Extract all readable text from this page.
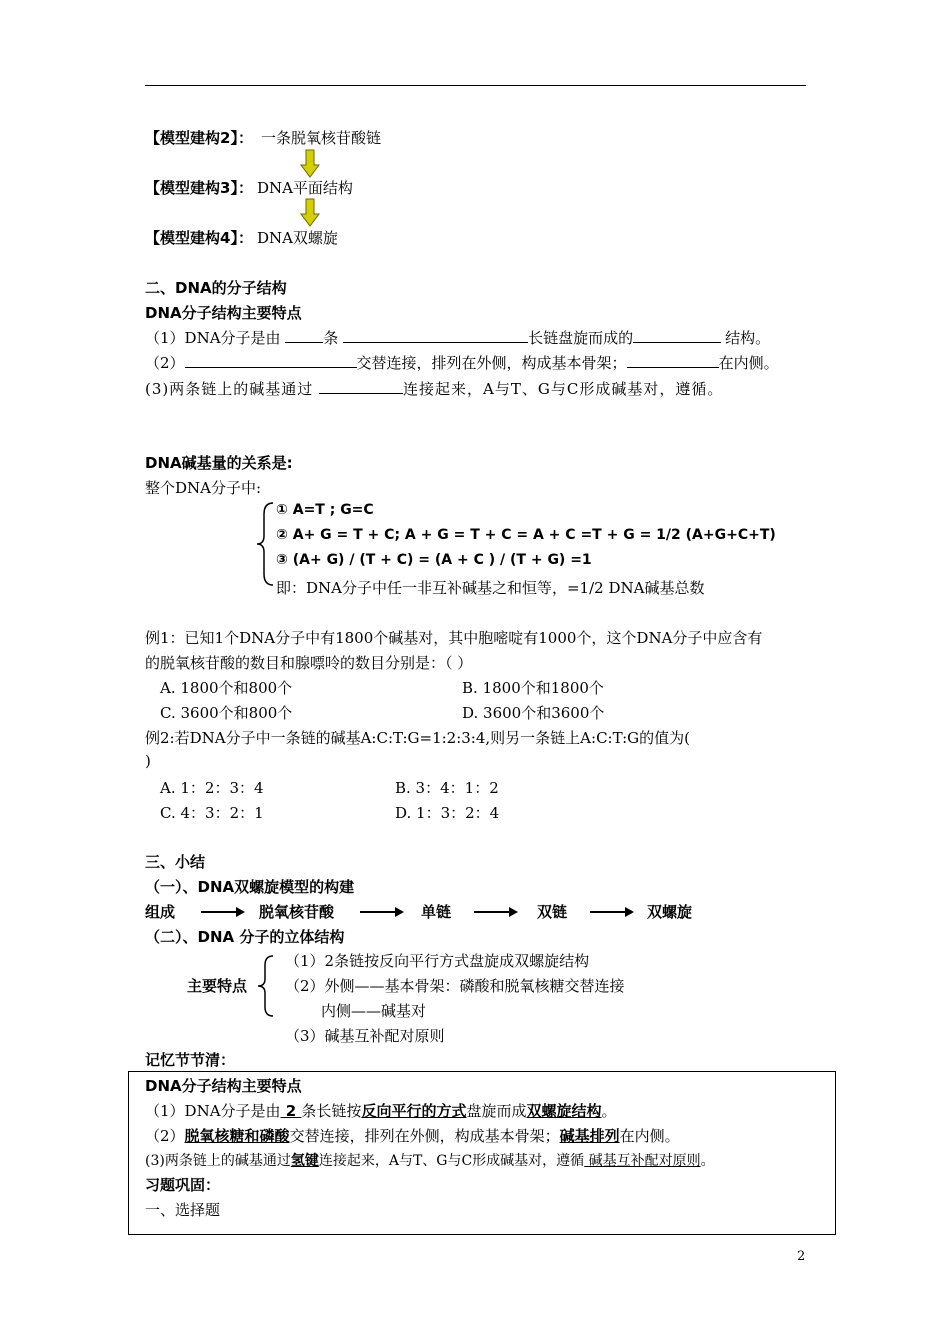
【模型建构2】： 一条脱氧核苷酸链
【模型建构3】： DNA平面结构
【模型建构4】： DNA双螺旋
二、DNA的分子结构
DNA分子结构主要特点
（1）DNA分子是由	条	长链盘旋而成的	结构。
（2）	交替连接，排列在外侧，构成基本骨架；	在内侧。
(3)两条链上的碱基通过	连接起来，A与T、G与C形成碱基对，遵循。
DNA碱基量的关系是:
整个DNA分子中:
① A=T ; G=C
② A+ G = T + C; A + G = T + C = A + C =T + G = 1/2 (A+G+C+T)
③ (A+ G) / (T + C) = (A + C ) / (T + G) =1
即：DNA分子中任一非互补碱基之和恒等，=1/2 DNA碱基总数
例1：已知1个DNA分子中有1800个碱基对，其中胞嘧啶有1000个，这个DNA分子中应含有
的脱氧核苷酸的数目和腺嘌呤的数目分别是：（ ）
A. 1800个和800个	B. 1800个和1800个
C. 3600个和800个	D. 3600个和3600个
例2:若DNA分子中一条链的碱基A:C:T:G=1:2:3:4,则另一条链上A:C:T:G的值为(
)
A. 1：2：3：4	B. 3：4：1：2
C. 4：3：2：1	D. 1：3：2：4
三、小结
（一）、DNA双螺旋模型的构建
组成	脱氧核苷酸	单链	双链	双螺旋
（二）、DNA 分子的立体结构
主要特点
（1）2条链按反向平行方式盘旋成双螺旋结构
（2）外侧——基本骨架：磷酸和脱氧核糖交替连接
内侧——碱基对
（3）碱基互补配对原则
记忆节节清：
DNA分子结构主要特点
（1）DNA分子是由 2 条长链按反向平行的方式盘旋而成双螺旋结构。
（2）脱氧核糖和磷酸交替连接，排列在外侧，构成基本骨架；碱基排列在内侧。
(3)两条链上的碱基通过氢键连接起来，A与T、G与C形成碱基对，遵循 碱基互补配对原则。
习题巩固：
一、选择题
2
